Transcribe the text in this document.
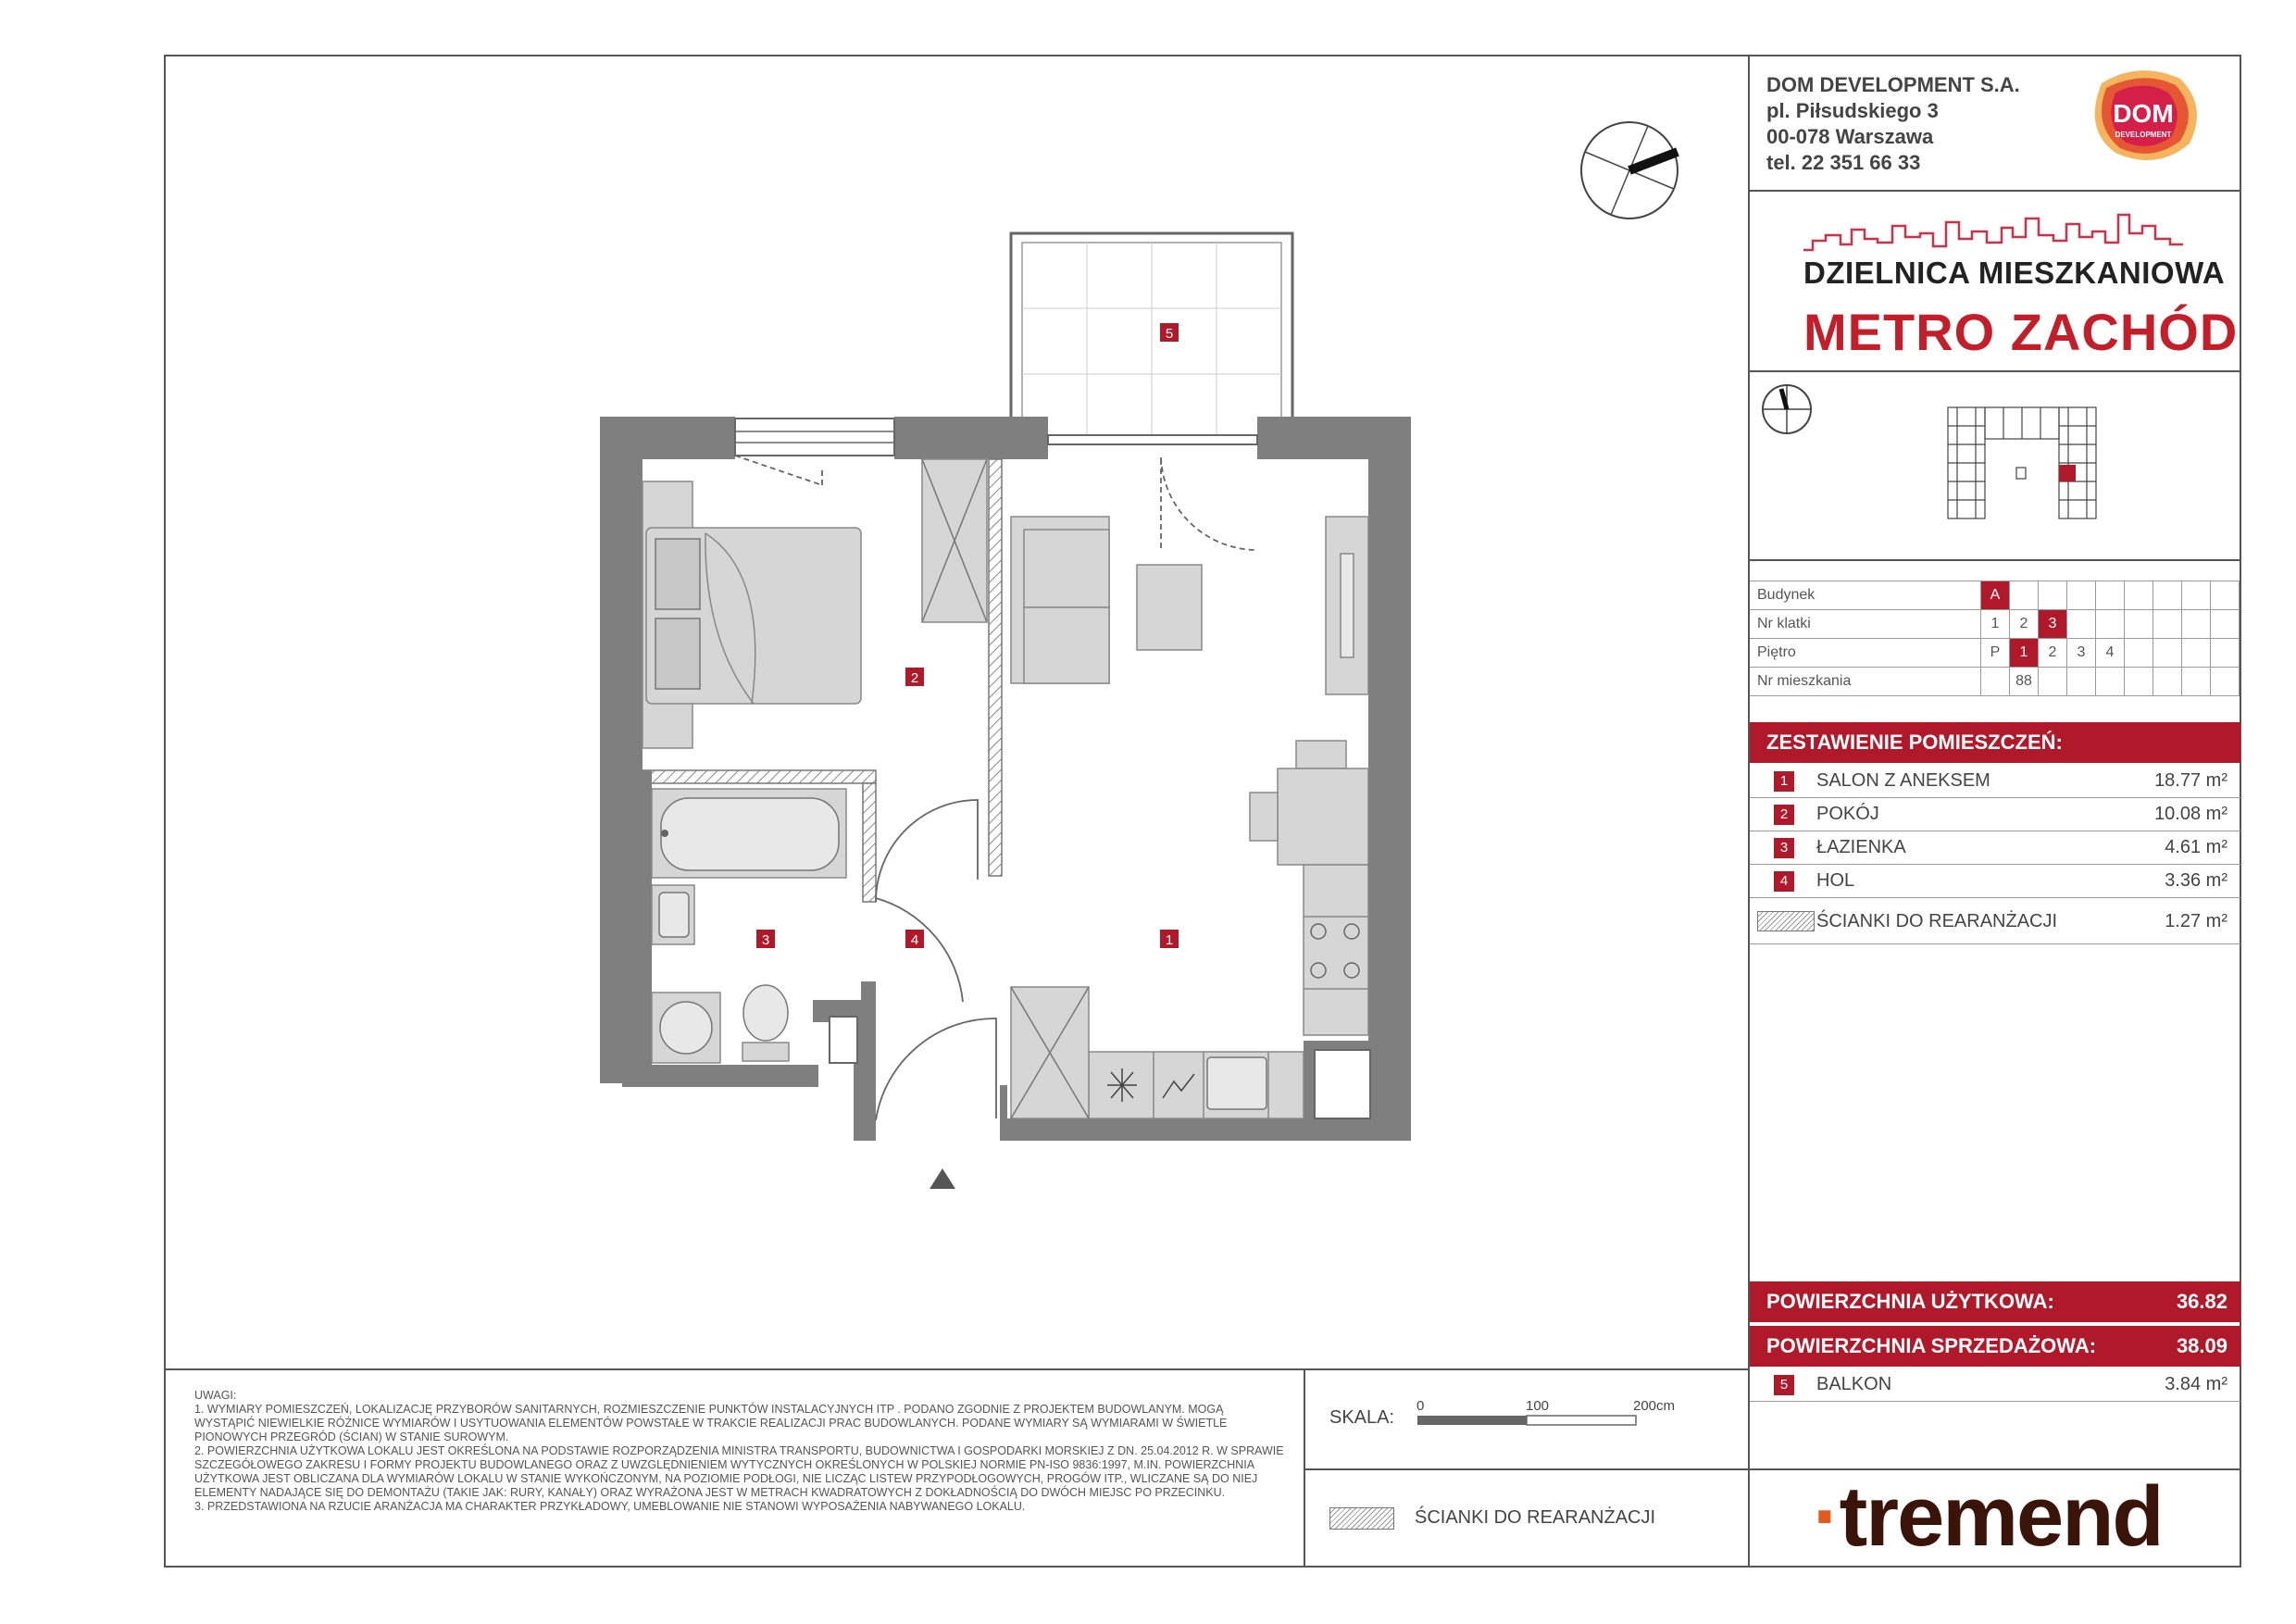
DOM DEVELOPMENT S.A.
pl. Piłsudskiego 3
00-078 Warszawa
tel. 22 351 66 33
DOM
DEVELOPMENT
DZIELNICA MIESZKANIOWA
METRO ZACHÓD
Budynek	A								
Nr klatki	1	2	3						
Piętro	P	1	2	3	4				
Nr mieszkania		88							
ZESTAWIENIE POMIESZCZEŃ:
1	SALON Z ANEKSEM	18.77 m²
2	POKÓJ	10.08 m²
3	ŁAZIENKA	4.61 m²
4	HOL	3.36 m²
ŚCIANKI DO REARANŻACJI	1.27 m²
POWIERZCHNIA UŻYTKOWA:	36.82
POWIERZCHNIA SPRZEDAŻOWA:	38.09
5	BALKON	3.84 m²

UWAGI:

1. WYMIARY POMIESZCZEŃ, LOKALIZACJĘ PRZYBORÓW SANITARNYCH, ROZMIESZCZENIE PUNKTÓW INSTALACYJNYCH ITP . PODANO ZGODNIE Z PROJEKTEM BUDOWLANYM. MOGĄ WYSTĄPIĆ NIEWIELKIE RÓŻNICE WYMIARÓW I USYTUOWANIA ELEMENTÓW POWSTAŁE W TRAKCIE REALIZACJI PRAC BUDOWLANYCH. PODANE WYMIARY SĄ WYMIARAMI W ŚWIETLE PIONOWYCH PRZEGRÓD (ŚCIAN) W STANIE SUROWYM.

2. POWIERZCHNIA UŻYTKOWA LOKALU JEST OKREŚLONA NA PODSTAWIE ROZPORZĄDZENIA MINISTRA TRANSPORTU, BUDOWNICTWA I GOSPODARKI MORSKIEJ Z DN. 25.04.2012 R. W SPRAWIE SZCZEGÓŁOWEGO ZAKRESU I FORMY PROJEKTU BUDOWLANEGO ORAZ Z UWZGLĘDNIENIEM WYTYCZNYCH OKREŚLONYCH W POLSKIEJ NORMIE PN-ISO 9836:1997, M.IN. POWIERZCHNIA UŻYTKOWA JEST OBLICZANA DLA WYMIARÓW LOKALU W STANIE WYKOŃCZONYM, NA POZIOMIE PODŁOGI, NIE LICZĄC LISTEW PRZYPODŁOGOWYCH, PROGÓW ITP., WLICZANE SĄ DO NIEJ ELEMENTY NADAJĄCE SIĘ DO DEMONTAŻU (TAKIE JAK: RURY, KANAŁY) ORAZ WYRAŻONA JEST W METRACH KWADRATOWYCH Z DOKŁADNOŚCIĄ DO DWÓCH MIEJSC PO PRZECINKU.

3. PRZEDSTAWIONA NA RZUCIE ARANŻACJA MA CHARAKTER PRZYKŁADOWY, UMEBLOWANIE NIE STANOWI WYPOSAŻENIA NABYWANEGO LOKALU.

SKALA:
0	100	200cm
ŚCIANKI DO REARANŻACJI ·tremend
5
2
3	4	1
